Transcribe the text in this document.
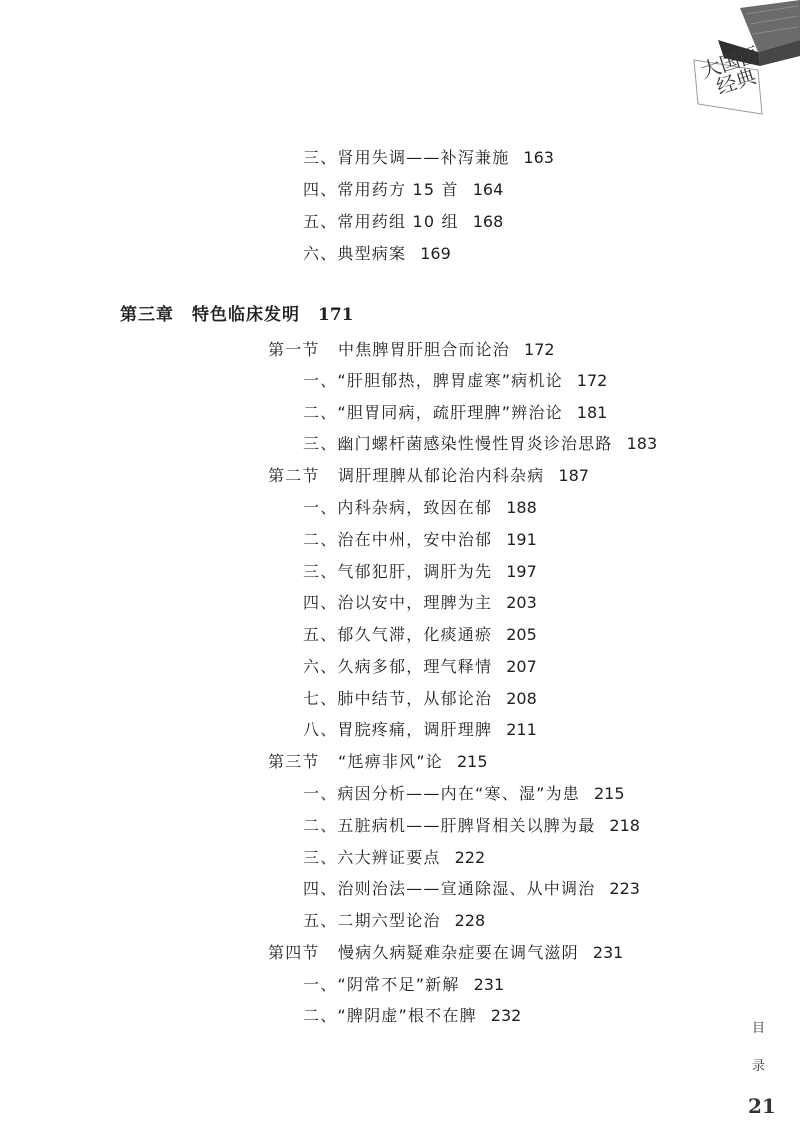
大国医经典
三、肾用失调——补泻兼施 163
四、常用药方 15 首 164
五、常用药组 10 组 168
六、典型病案 169
第三章　特色临床发明 171
第一节 中焦脾胃肝胆合而论治 172
一、“肝胆郁热，脾胃虚寒”病机论 172
二、“胆胃同病，疏肝理脾”辨治论 181
三、幽门螺杆菌感染性慢性胃炎诊治思路 183
第二节 调肝理脾从郁论治内科杂病 187
一、内科杂病，致因在郁 188
二、治在中州，安中治郁 191
三、气郁犯肝，调肝为先 197
四、治以安中，理脾为主 203
五、郁久气滞，化痰通瘀 205
六、久病多郁，理气释情 207
七、肺中结节，从郁论治 208
八、胃脘疼痛，调肝理脾 211
第三节 “尪痹非风”论 215
一、病因分析——内在“寒、湿”为患 215
二、五脏病机——肝脾肾相关以脾为最 218
三、六大辨证要点 222
四、治则治法——宣通除湿、从中调治 223
五、二期六型论治 228
第四节 慢病久病疑难杂症要在调气滋阴 231
一、“阴常不足”新解 231
二、“脾阴虚”根不在脾 232
目
录
21
